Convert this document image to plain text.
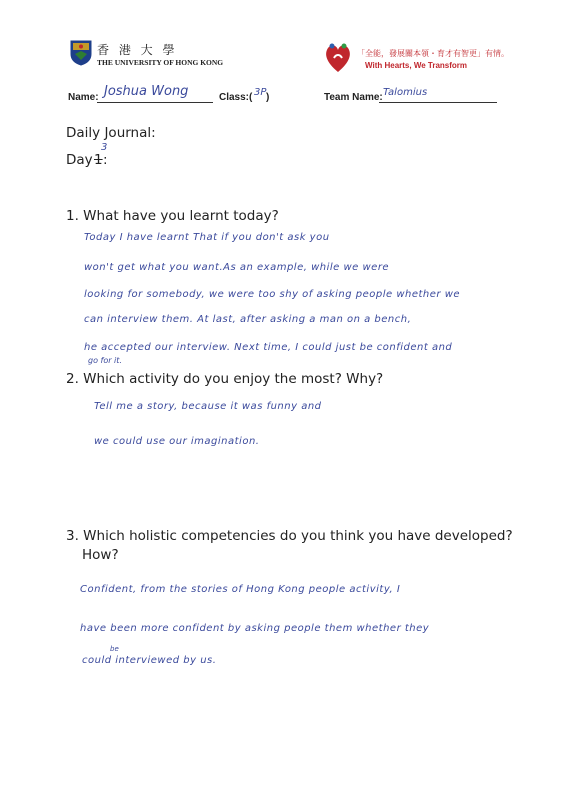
香 港 大 學
THE UNIVERSITY OF HONG KONG
「全能，發展關本領・育才有智更」有情。
With Hearts, We Transform
Name: Joshua Wong	Class: ( 3P )	Team Name: Talomius
Daily Journal:
Day 1
3
:
1. What have you learnt today?
Today I have learnt That if you don't ask you
won't get what you want.As an example, while we were
looking for somebody, we were too shy of asking people whether we
can interview them. At last, after asking a man on a bench,
he accepted our interview. Next time, I could just be confident and
go for it.
2. Which activity do you enjoy the most? Why?
Tell me a story, because it was funny and
we could use our imagination.
3. Which holistic competencies do you think you have developed?
How?
Confident, from the stories of Hong Kong people activity, I
have been more confident by asking people them whether they
be
could interviewed by us.
